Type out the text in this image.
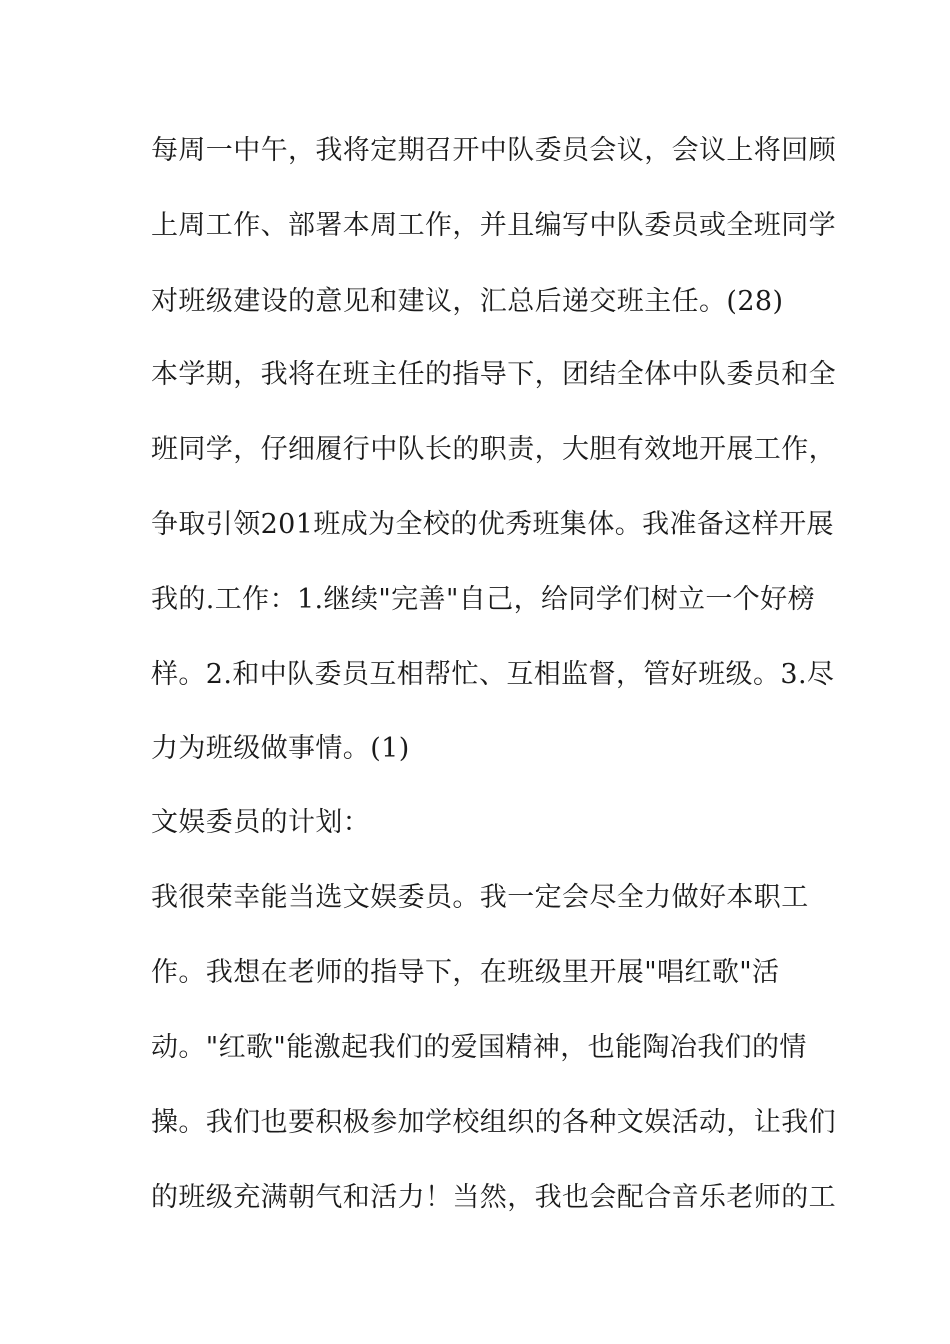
每周一中午，我将定期召开中队委员会议，会议上将回顾
上周工作、部署本周工作，并且编写中队委员或全班同学
对班级建设的意见和建议，汇总后递交班主任。(28)
本学期，我将在班主任的指导下，团结全体中队委员和全
班同学，仔细履行中队长的职责，大胆有效地开展工作，
争取引领201班成为全校的优秀班集体。我准备这样开展
我的.工作：1.继续"完善"自己，给同学们树立一个好榜
样。2.和中队委员互相帮忙、互相监督，管好班级。3.尽
力为班级做事情。(1)
文娱委员的计划：
我很荣幸能当选文娱委员。我一定会尽全力做好本职工
作。我想在老师的指导下，在班级里开展"唱红歌"活
动。"红歌"能激起我们的爱国精神，也能陶冶我们的情
操。我们也要积极参加学校组织的各种文娱活动，让我们
的班级充满朝气和活力！当然，我也会配合音乐老师的工
